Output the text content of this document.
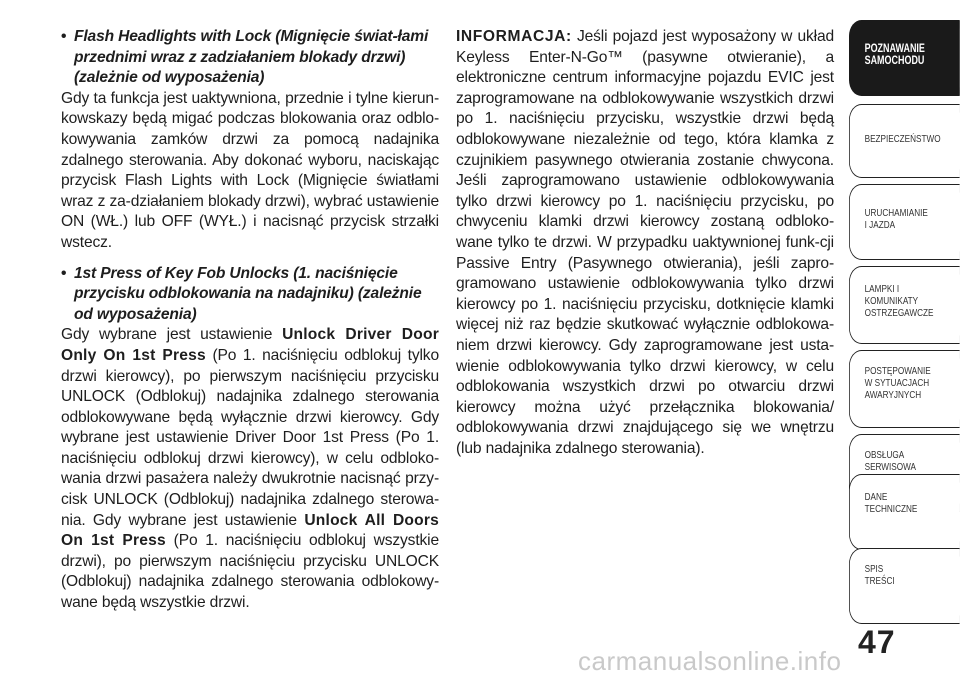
• Flash Headlights with Lock (Mignięcie świat-łami przednimi wraz z zadziałaniem blokady drzwi) (zależnie od wyposażenia)

Gdy ta funkcja jest uaktywniona, przednie i tylne kierun-kowskazy będą migać podczas blokowania oraz odblo-kowywania zamków drzwi za pomocą nadajnika zdalnego sterowania. Aby dokonać wyboru, naciskając przycisk Flash Lights with Lock (Mignięcie światłami wraz z za-działaniem blokady drzwi), wybrać ustawienie ON (WŁ.) lub OFF (WYŁ.) i nacisnąć przycisk strzałki wstecz.

• 1st Press of Key Fob Unlocks (1. naciśnięcie przycisku odblokowania na nadajniku) (zależnie od wyposażenia)

Gdy wybrane jest ustawienie Unlock Driver Door Only On 1st Press (Po 1. naciśnięciu odblokuj tylko drzwi kierowcy), po pierwszym naciśnięciu przycisku UNLOCK (Odblokuj) nadajnika zdalnego sterowania odblokowywane będą wyłącznie drzwi kierowcy. Gdy wybrane jest ustawienie Driver Door 1st Press (Po 1. naciśnięciu odblokuj drzwi kierowcy), w celu odbloko-wania drzwi pasażera należy dwukrotnie nacisnąć przy-cisk UNLOCK (Odblokuj) nadajnika zdalnego sterowa-nia. Gdy wybrane jest ustawienie Unlock All Doors On 1st Press (Po 1. naciśnięciu odblokuj wszystkie drzwi), po pierwszym naciśnięciu przycisku UNLOCK (Odblokuj) nadajnika zdalnego sterowania odblokowy-wane będą wszystkie drzwi.

INFORMACJA: Jeśli pojazd jest wyposażony w układ Keyless Enter-N-Go™ (pasywne otwieranie), a elektroniczne centrum informacyjne pojazdu EVIC jest zaprogramowane na odblokowywanie wszystkich drzwi po 1. naciśnięciu przycisku, wszystkie drzwi będą odblokowywane niezależnie od tego, która klamka z czujnikiem pasywnego otwierania zostanie chwycona. Jeśli zaprogramowano ustawienie odblokowywania tylko drzwi kierowcy po 1. naciśnięciu przycisku, po chwyceniu klamki drzwi kierowcy zostaną odbloko-wane tylko te drzwi. W przypadku uaktywnionej funk-cji Passive Entry (Pasywnego otwierania), jeśli zapro-gramowano ustawienie odblokowywania tylko drzwi kierowcy po 1. naciśnięciu przycisku, dotknięcie klamki więcej niż raz będzie skutkować wyłącznie odblokowa-niem drzwi kierowcy. Gdy zaprogramowane jest usta-wienie odblokowywania tylko drzwi kierowcy, w celu odblokowania wszystkich drzwi po otwarciu drzwi kierowcy można użyć przełącznika blokowania/ odblokowywania drzwi znajdującego się we wnętrzu (lub nadajnika zdalnego sterowania).

POZNAWANIE
SAMOCHODU
BEZPIECZEŃSTWO
URUCHAMIANIE
I JAZDA
LAMPKI I
KOMUNIKATY
OSTRZEGAWCZE
POSTĘPOWANIE
W SYTUACJACH
AWARYJNYCH
OBSŁUGA
SERWISOWA
DANE
TECHNICZNE
SPIS
TREŚCI
47
carmanualsonline.info
